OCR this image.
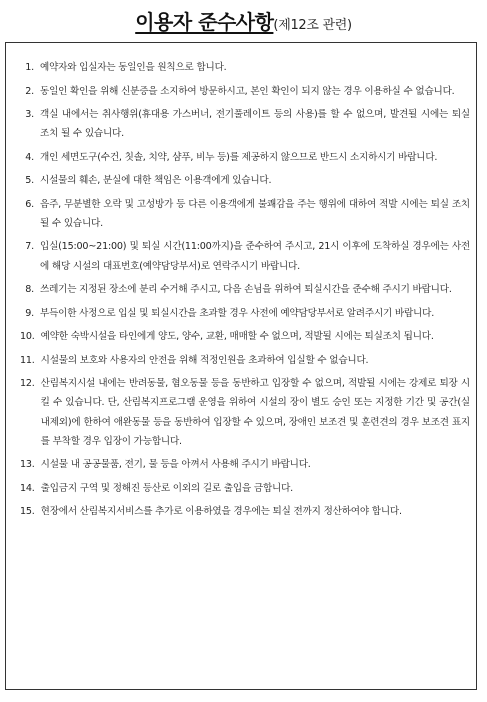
이용자 준수사항(제12조 관련)
1. 예약자와 입실자는 동일인을 원칙으로 합니다.
2. 동일인 확인을 위해 신분증을 소지하여 방문하시고, 본인 확인이 되지 않는 경우 이용하실 수 없습니다.
3. 객실 내에서는 취사행위(휴대용 가스버너, 전기풀레이트 등의 사용)를 할 수 없으며, 발견될 시에는 퇴실 조치 될 수 있습니다.
4. 개인 세면도구(수건, 칫솔, 치약, 샴푸, 비누 등)를 제공하지 않으므로 반드시 소지하시기 바랍니다.
5. 시설물의 훼손, 분실에 대한 책임은 이용객에게 있습니다.
6. 음주, 무분별한 오락 및 고성방가 등 다른 이용객에게 불쾌감을 주는 행위에 대하여 적발 시에는 퇴실 조치 될 수 있습니다.
7. 입실(15:00~21:00) 및 퇴실 시간(11:00까지)을 준수하여 주시고, 21시 이후에 도착하실 경우에는 사전에 해당 시설의 대표번호(예약담당부서)로 연락주시기 바랍니다.
8. 쓰레기는 지정된 장소에 분리 수거해 주시고, 다음 손님을 위하여 퇴실시간을 준수해 주시기 바랍니다.
9. 부득이한 사정으로 입실 및 퇴실시간을 초과할 경우 사전에 예약담당부서로 알려주시기 바랍니다.
10. 예약한 숙박시설을 타인에게 양도, 양수, 교환, 매매할 수 없으며, 적발될 시에는 퇴실조치 됩니다.
11. 시설물의 보호와 사용자의 안전을 위해 적정인원을 초과하여 입실할 수 없습니다.
12. 산림복지시설 내에는 반려동물, 혐오동물 등을 동반하고 입장할 수 없으며, 적발될 시에는 강제로 퇴장 시킬 수 있습니다. 단, 산림복지프로그램 운영을 위하여 시설의 장이 별도 승인 또는 지정한 기간 및 공간(실내제외)에 한하여 애완동물 등을 동반하여 입장할 수 있으며, 장애인 보조견 및 훈련견의 경우 보조견 표지를 부착할 경우 입장이 가능합니다.
13. 시설물 내 공공물품, 전기, 물 등을 아껴서 사용해 주시기 바랍니다.
14. 출입금지 구역 및 정해진 등산로 이외의 길로 출입을 금합니다.
15. 현장에서 산림복지서비스를 추가로 이용하였을 경우에는 퇴실 전까지 정산하여야 합니다.
